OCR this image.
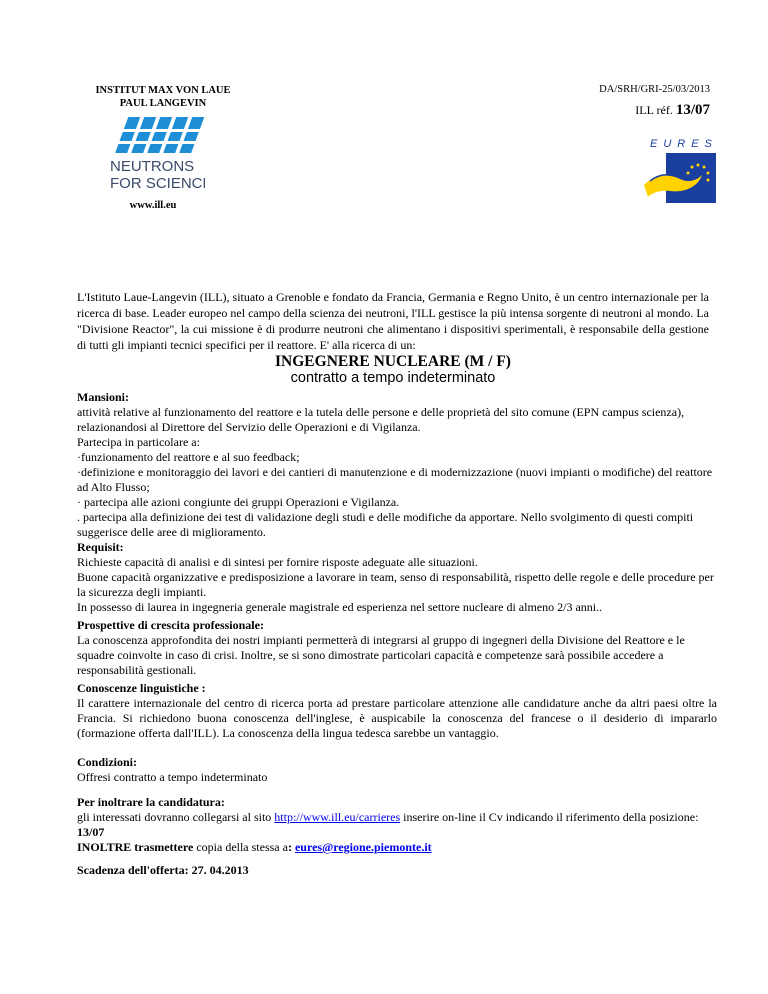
INSTITUT MAX VON LAUE
PAUL LANGEVIN
DA/SRH/GRI-25/03/2013
ILL réf. 13/07
NEUTRONS
FOR SCIENCE
www.ill.eu
EURES
L'Istituto Laue-Langevin (ILL), situato a Grenoble e fondato da Francia, Germania e Regno Unito, è un centro internazionale per la ricerca di base. Leader europeo nel campo della scienza dei neutroni, l'ILL gestisce la più intensa sorgente di neutroni al mondo. La "Divisione Reactor", la cui missione è di produrre neutroni che alimentano i dispositivi sperimentali, è responsabile della gestione di tutti gli impianti tecnici specifici per il reattore. E' alla ricerca di un:
INGEGNERE NUCLEARE (M / F)
contratto a tempo indeterminato

Mansioni:

attività relative al funzionamento del reattore e la tutela delle persone e delle proprietà del sito comune (EPN campus scienza), relazionandosi al Direttore del Servizio delle Operazioni e di Vigilanza.

Partecipa in particolare a:

·funzionamento del reattore e al suo feedback;

·definizione e monitoraggio dei lavori e dei cantieri di manutenzione e di modernizzazione (nuovi impianti o modifiche) del reattore ad Alto Flusso;

· partecipa alle azioni congiunte dei gruppi Operazioni e Vigilanza.

. partecipa alla definizione dei test di validazione degli studi e delle modifiche da apportare. Nello svolgimento di questi compiti suggerisce delle aree di miglioramento.

Requisit:

Richieste capacità di analisi e di sintesi per fornire risposte adeguate alle situazioni.

Buone capacità organizzative e predisposizione a lavorare in team, senso di responsabilità, rispetto delle regole e delle procedure per la sicurezza degli impianti.

In possesso di laurea in ingegneria generale magistrale ed esperienza nel settore nucleare di almeno 2/3 anni..

Prospettive di crescita professionale:

La conoscenza approfondita dei nostri impianti permetterà di integrarsi al gruppo di ingegneri della Divisione del Reattore e le squadre coinvolte in caso di crisi. Inoltre, se si sono dimostrate particolari capacità e competenze sarà possibile accedere a responsabilità gestionali.

Conoscenze linguistiche :

Il carattere internazionale del centro di ricerca porta ad prestare particolare attenzione alle candidature anche da altri paesi oltre la Francia. Si richiedono buona conoscenza dell'inglese, è auspicabile la conoscenza del francese o il desiderio di impararlo (formazione offerta dall'ILL). La conoscenza della lingua tedesca sarebbe un vantaggio.

Condizioni:

Offresi contratto a tempo indeterminato

Per inoltrare la candidatura:

gli interessati dovranno collegarsi al sito http://www.ill.eu/carrieres inserire on-line il Cv indicando il riferimento della posizione: 13/07

INOLTRE trasmettere copia della stessa a: eures@regione.piemonte.it

Scadenza dell'offerta: 27. 04.2013
